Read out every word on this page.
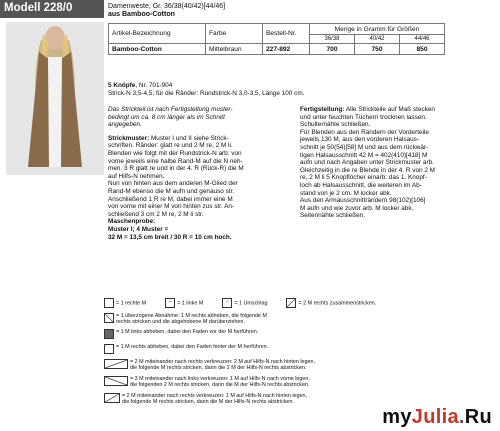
Modell 228/0	Damenweste, Gr. 36/38(40/42)[44/46]
aus Bamboo-Cotton
Artikel-Bezeichnung	Farbe	Bestell-Nr.	Menge in Gramm für Größen		
			36/38	40/42	44/46
Bamboo-Cotton	Mittelbraun	227-892	700	750	850
5 Knöpfe, Nr. 701-904
Strick-N 3,5-4,5; für die Ränder: Rundstrick-N 3,0-3,5, Länge 100 cm.
Das Strickteil ist nach Fertigstellung muster-
bedingt um ca. 8 cm länger als im Schnitt
angegeben.
Strickmuster: Muster I und II siehe Strick-
schriften. Ränder: glatt re und 2 M re, 2 M li.
Blenden wie folgt mit der Rundstrick-N arb: von
vorne jeweils eine halbe Rand-M auf die N neh-
men. 3 R glatt re und in der 4. R (Rück-R) die M
auf Hilfs-N nehmen.
Nun von hinten aus dem anderen M-Glied der
Rand-M ebenso die M aufn und genauso str.
Anschließend 1 R re M, dabei immer eine M
von vorne mit einer M von hinten zus str. An-
schließend 3 cm 2 M re, 2 M li str.
Maschenprobe:
Muster I; 4 Muster =
32 M = 13,5 cm breit / 30 R = 10 cm hoch.
Fertigstellung: Alle Strickteile auf Maß stecken
und unter feuchten Tüchern trocknen lassen.
Schulternähte schließen.
Für Blenden aus den Rändern der Vorderteile
jeweils 130 M, aus den vorderen Halsaus-
schnitt je 50(54)[58] M und aus dem rückwär-
tigen Halsausschnitt 42 M = 402(410)[418] M
aufn und nach Angaben unter Strickmuster arb.
Gleichzeitig in die re Blende in der 4. R von 2 M
re, 2 M li 5 Knopflöcher einarb: das 1. Knopf-
loch ab Halsausschnitt, die weiteren im Ab-
stand von je 2 cm. M locker abk.
Aus den Armausschnitträndern 98(102)[106]
M aufn und wie zuvor arb. M locker abk.
Seitennähte schließen.
= 1 rechte M	– = 1 linke M	○ = 1 Umschlag	= 2 M rechts zusammenstricken.
= 1 überzogene Abnahme: 1 M rechts abheben, die folgende M
rechts stricken und die abgehobene M darüberziehen.
= 1 M links abheben, dabei den Faden vor der M herführen.
= 1 M rechts abheben, dabei den Faden hinter der M herführen.
= 2 M miteinander nach rechts verkreuzen: 2 M auf Hilfs-N nach hinten legen,
die folgende M rechts stricken, dann die 2 M der Hilfs-N rechts abstricken.
= 3 M miteinander nach links verkreuzen: 1 M auf Hilfs-N nach vorne legen,
die folgenden 2 M rechts stricken, dann die M der Hilfs-N rechts abstricken.
= 2 M miteinander nach rechts verkreuzen: 1 M auf Hilfs-N nach hinten legen,
die folgende M rechts stricken, dann die M der Hilfs-N rechts abstricken.
myJulia.Ru
